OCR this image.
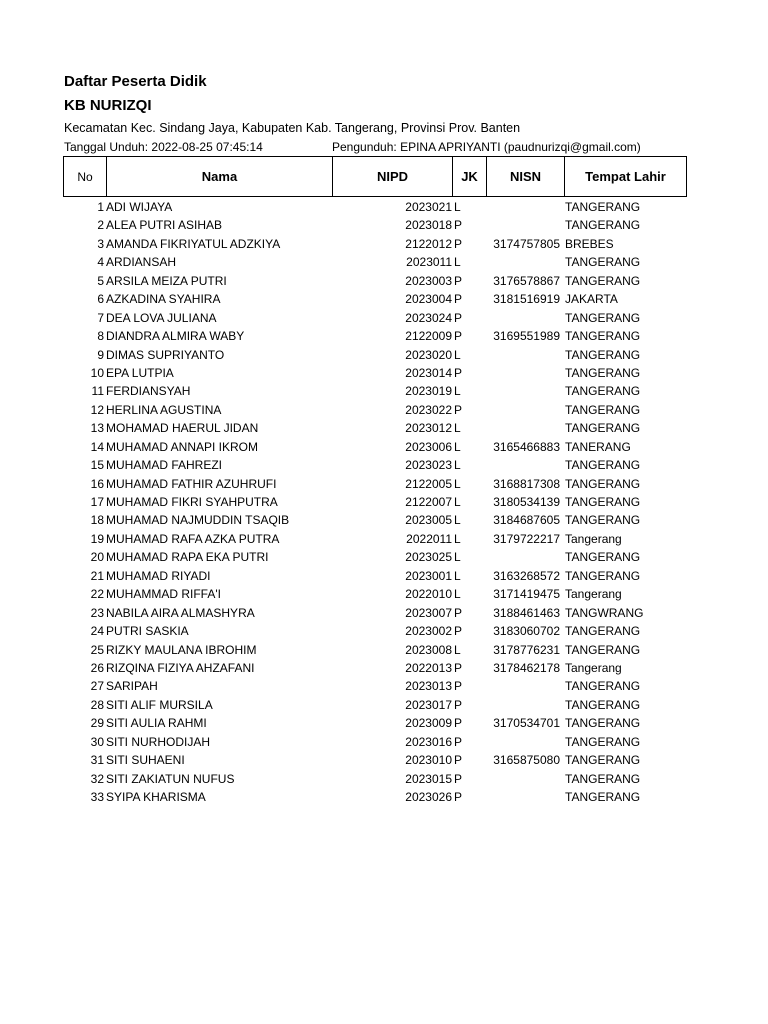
Daftar Peserta Didik
KB NURIZQI
Kecamatan Kec. Sindang Jaya, Kabupaten Kab. Tangerang, Provinsi Prov. Banten
Tanggal Unduh: 2022-08-25 07:45:14	Pengunduh: EPINA APRIYANTI (paudnurizqi@gmail.com)
No	Nama	NIPD	JK	NISN	Tempat Lahir
1 ADI WIJAYA	2023021 L	TANGERANG
2 ALEA PUTRI ASIHAB	2023018 P	TANGERANG
3 AMANDA FIKRIYATUL ADZKIYA	2122012 P	3174757805 BREBES
4 ARDIANSAH	2023011 L	TANGERANG
5 ARSILA MEIZA PUTRI	2023003 P	3176578867 TANGERANG
6 AZKADINA SYAHIRA	2023004 P	3181516919 JAKARTA
7 DEA LOVA JULIANA	2023024 P	TANGERANG
8 DIANDRA ALMIRA WABY	2122009 P	3169551989 TANGERANG
9 DIMAS SUPRIYANTO	2023020 L	TANGERANG
10 EPA LUTPIA	2023014 P	TANGERANG
11 FERDIANSYAH	2023019 L	TANGERANG
12 HERLINA AGUSTINA	2023022 P	TANGERANG
13 MOHAMAD HAERUL JIDAN	2023012 L	TANGERANG
14 MUHAMAD ANNAPI IKROM	2023006 L	3165466883 TANERANG
15 MUHAMAD FAHREZI	2023023 L	TANGERANG
16 MUHAMAD FATHIR AZUHRUFI	2122005 L	3168817308 TANGERANG
17 MUHAMAD FIKRI SYAHPUTRA	2122007 L	3180534139 TANGERANG
18 MUHAMAD NAJMUDDIN TSAQIB	2023005 L	3184687605 TANGERANG
19 MUHAMAD RAFA AZKA PUTRA	2022011 L	3179722217 Tangerang
20 MUHAMAD RAPA EKA PUTRI	2023025 L	TANGERANG
21 MUHAMAD RIYADI	2023001 L	3163268572 TANGERANG
22 MUHAMMAD RIFFA'I	2022010 L	3171419475 Tangerang
23 NABILA AIRA ALMASHYRA	2023007 P	3188461463 TANGWRANG
24 PUTRI SASKIA	2023002 P	3183060702 TANGERANG
25 RIZKY MAULANA IBROHIM	2023008 L	3178776231 TANGERANG
26 RIZQINA FIZIYA AHZAFANI	2022013 P	3178462178 Tangerang
27 SARIPAH	2023013 P	TANGERANG
28 SITI ALIF MURSILA	2023017 P	TANGERANG
29 SITI AULIA RAHMI	2023009 P	3170534701 TANGERANG
30 SITI NURHODIJAH	2023016 P	TANGERANG
31 SITI SUHAENI	2023010 P	3165875080 TANGERANG
32 SITI ZAKIATUN NUFUS	2023015 P	TANGERANG
33 SYIPA KHARISMA	2023026 P	TANGERANG
